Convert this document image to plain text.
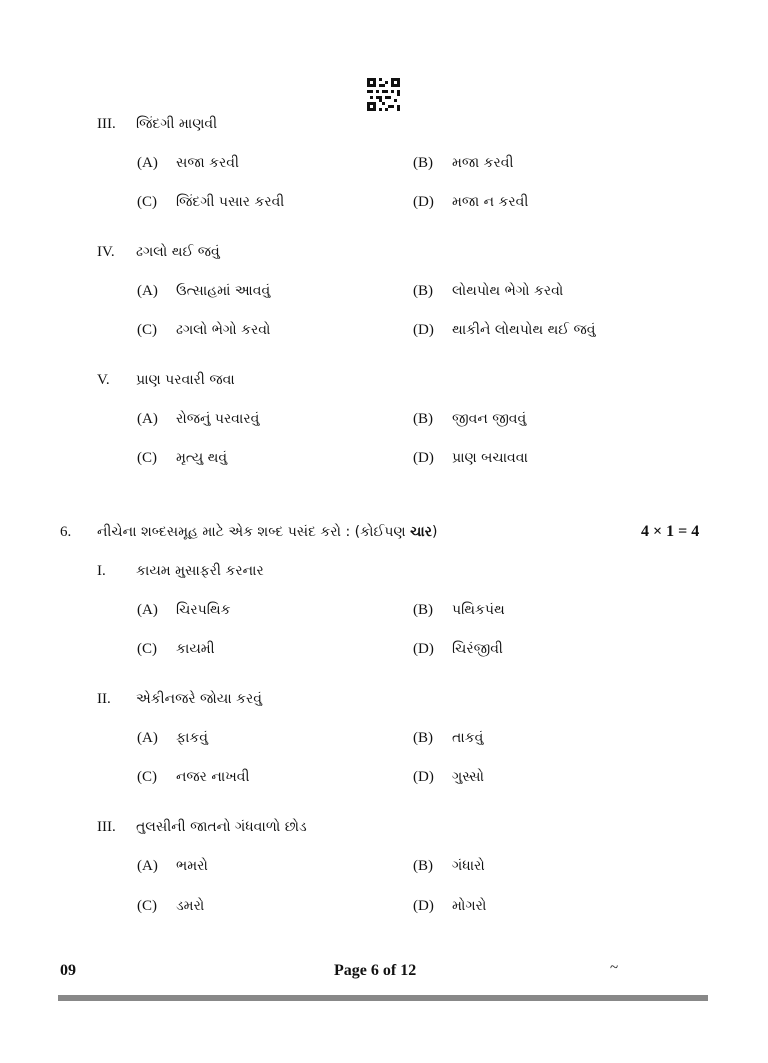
III. જિંદગી માણવી
(A) સજા કરવી	(B) મજા કરવી
(C) જિંદગી પસાર કરવી	(D) મજા ન કરવી
IV. ઢગલો થઈ જવું
(A) ઉત્સાહમાં આવવું	(B) લોથપોથ ભેગો કરવો
(C) ઢગલો ભેગો કરવો	(D) થાકીને લોથપોથ થઈ જવું
V. પ્રાણ પરવારી જવા
(A) રોજનું પરવારવું	(B) જીવન જીવવું
(C) મૃત્યુ થવું	(D) પ્રાણ બચાવવા
6. નીચેના શબ્દસમૂહ માટે એક શબ્દ પસંદ કરો : (કોઈપણ ચાર)	4 × 1 = 4
I. કાયમ મુસાફરી કરનાર
(A) ચિરપથિક	(B) પથિકપંથ
(C) કાયમી	(D) ચિરંજીવી
II. એકીનજરે જોયા કરવું
(A) ફાકવું	(B) તાકવું
(C) નજર નાખવી	(D) ગુસ્સો
III. તુલસીની જાતનો ગંધવાળો છોડ
(A) ભમરો	(B) ગંધારો
(C) ડમરો	(D) મોગરો
09	Page 6 of 12	~
